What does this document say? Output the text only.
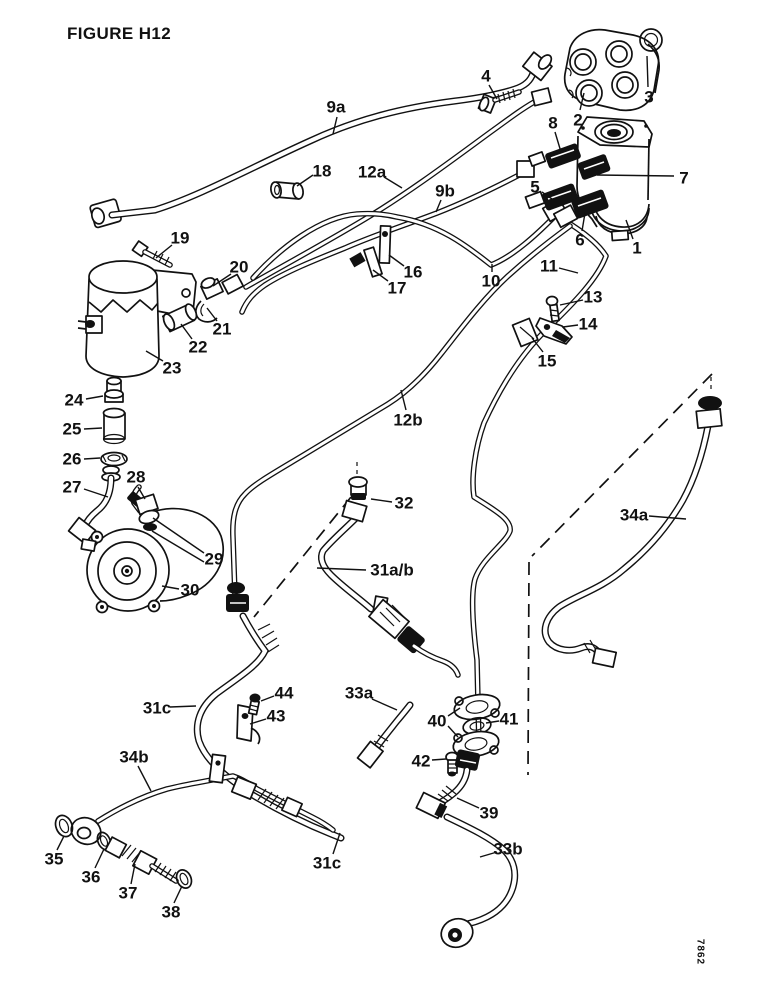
FIGURE H12
1
2
3
4
5
6
7
8
9a
9b
10
11
12a
12b
13
14
15
16
17
18
19
20
21
22
23
24
25
26
27
28
29
30
31a/b
31c
31c
32
33a
33b
34a
34b
35
36
37
38
39
40	41
42
43
44
7862
